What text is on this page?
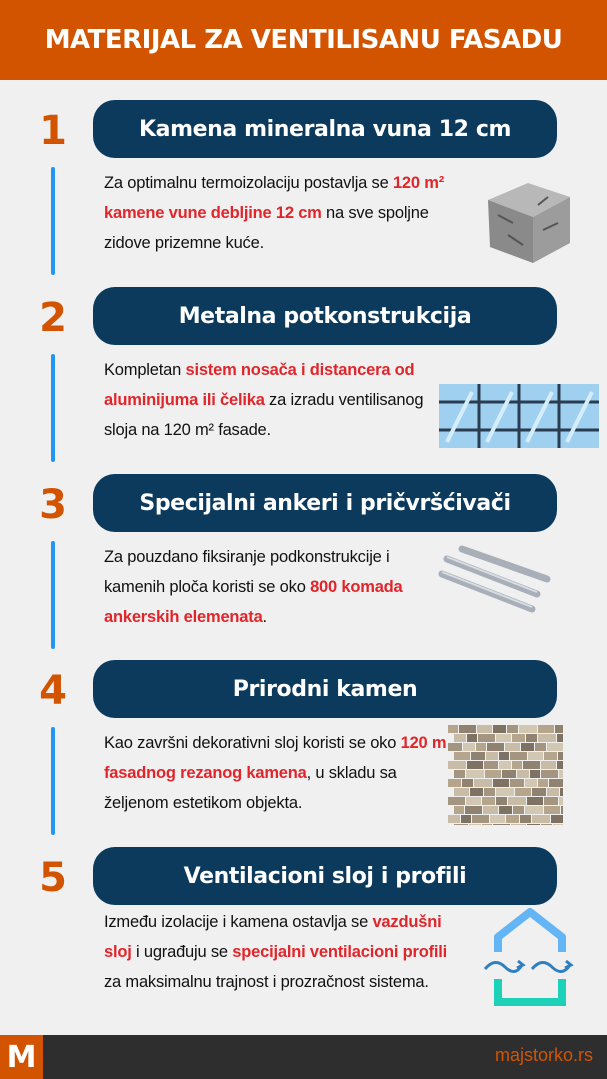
MATERIJAL ZA VENTILISANU FASADU
1	Kamena mineralna vuna 12 cm
Za optimalnu termoizolaciju postavlja se 120 m² kamene vune debljine 12 cm na sve spoljne zidove prizemne kuće.
2	Metalna potkonstrukcija
Kompletan sistem nosača i distancera od aluminijuma ili čelika za izradu ventilisanog sloja na 120 m² fasade.
3	Specijalni ankeri i pričvršćivači
Za pouzdano fiksiranje podkonstrukcije i kamenih ploča koristi se oko 800 komada ankerskih elemenata.
4	Prirodni kamen
Kao završni dekorativni sloj koristi se oko 120 m fasadnog rezanog kamena, u skladu sa željenom estetikom objekta.
5	Ventilacioni sloj i profili
Između izolacije i kamena ostavlja se vazdušni sloj i ugrađuju se specijalni ventilacioni profili za maksimalnu trajnost i prozračnost sistema.
M	majstorko.rs
